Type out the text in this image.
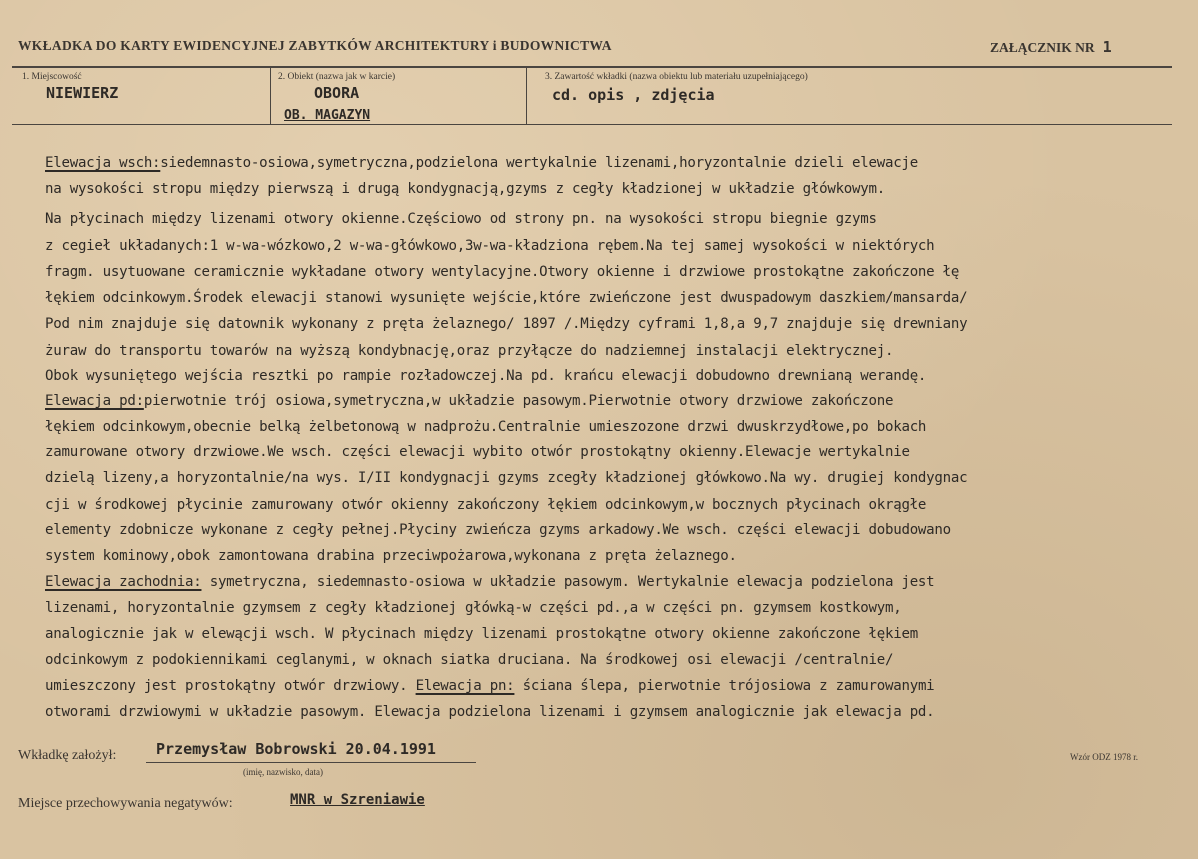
WKŁADKA DO KARTY EWIDENCYJNEJ ZABYTKÓW ARCHITEKTURY i BUDOWNICTWA	ZAŁĄCZNIK NR 1
1. Miejscowość
NIEWIERZ
2. Obiekt (nazwa jak w karcie)
OBORA
OB. MAGAZYN
3. Zawartość wkładki (nazwa obiektu lub materiału uzupełniającego)
cd. opis , zdjęcia
Elewacja wsch:siedemnasto-osiowa,symetryczna,podzielona wertykalnie lizenami,horyzontalnie dzieli elewacje
na wysokości stropu między pierwszą i drugą kondygnacją,gzyms z cegły kładzionej w układzie główkowym.
Na płycinach między lizenami otwory okienne.Częściowo od strony pn. na wysokości stropu biegnie gzyms
z cegieł układanych:1 w-wa-wózkowo,2 w-wa-główkowo,3w-wa-kładziona rębem.Na tej samej wysokości w niektórych
fragm. usytuowane ceramicznie wykładane otwory wentylacyjne.Otwory okienne i drzwiowe prostokątne zakończone łę
łękiem odcinkowym.Środek elewacji stanowi wysunięte wejście,które zwieńczone jest dwuspadowym daszkiem/mansarda/
Pod nim znajduje się datownik wykonany z pręta żelaznego/ 1897 /.Między cyframi 1,8,a 9,7 znajduje się drewniany
żuraw do transportu towarów na wyższą kondybnację,oraz przyłącze do nadziemnej instalacji elektrycznej.
Obok wysuniętego wejścia resztki po rampie rozładowczej.Na pd. krańcu elewacji dobudowno drewnianą werandę.
Elewacja pd:pierwotnie trój osiowa,symetryczna,w układzie pasowym.Pierwotnie otwory drzwiowe zakończone
łękiem odcinkowym,obecnie belką żelbetonową w nadprożu.Centralnie umieszozone drzwi dwuskrzydłowe,po bokach
zamurowane otwory drzwiowe.We wsch. części elewacji wybito otwór prostokątny okienny.Elewacje wertykalnie
dzielą lizeny,a horyzontalnie/na wys. I/II kondygnacji gzyms zcegły kładzionej główkowo.Na wy. drugiej kondygnac
cji w środkowej płycinie zamurowany otwór okienny zakończony łękiem odcinkowym,w bocznych płycinach okrągłe
elementy zdobnicze wykonane z cegły pełnej.Płyciny zwieńcza gzyms arkadowy.We wsch. części elewacji dobudowano
system kominowy,obok zamontowana drabina przeciwpożarowa,wykonana z pręta żelaznego.
Elewacja zachodnia: symetryczna, siedemnasto-osiowa w układzie pasowym. Wertykalnie elewacja podzielona jest
lizenami, horyzontalnie gzymsem z cegły kładzionej główką-w części pd.,a w części pn. gzymsem kostkowym,
analogicznie jak w elewącji wsch. W płycinach między lizenami prostokątne otwory okienne zakończone łękiem
odcinkowym z podokiennikami ceglanymi, w oknach siatka druciana. Na środkowej osi elewacji /centralnie/
umieszczony jest prostokątny otwór drzwiowy. Elewacja pn: ściana ślepa, pierwotnie trójosiowa z zamurowanymi
otworami drzwiowymi w układzie pasowym. Elewacja podzielona lizenami i gzymsem analogicznie jak elewacja pd.
Wkładkę założył:	Przemysław Bobrowski 20.04.1991
(imię, nazwisko, data)
Wzór ODZ 1978 r.
Miejsce przechowywania negatywów:	MNR w Szreniawie
